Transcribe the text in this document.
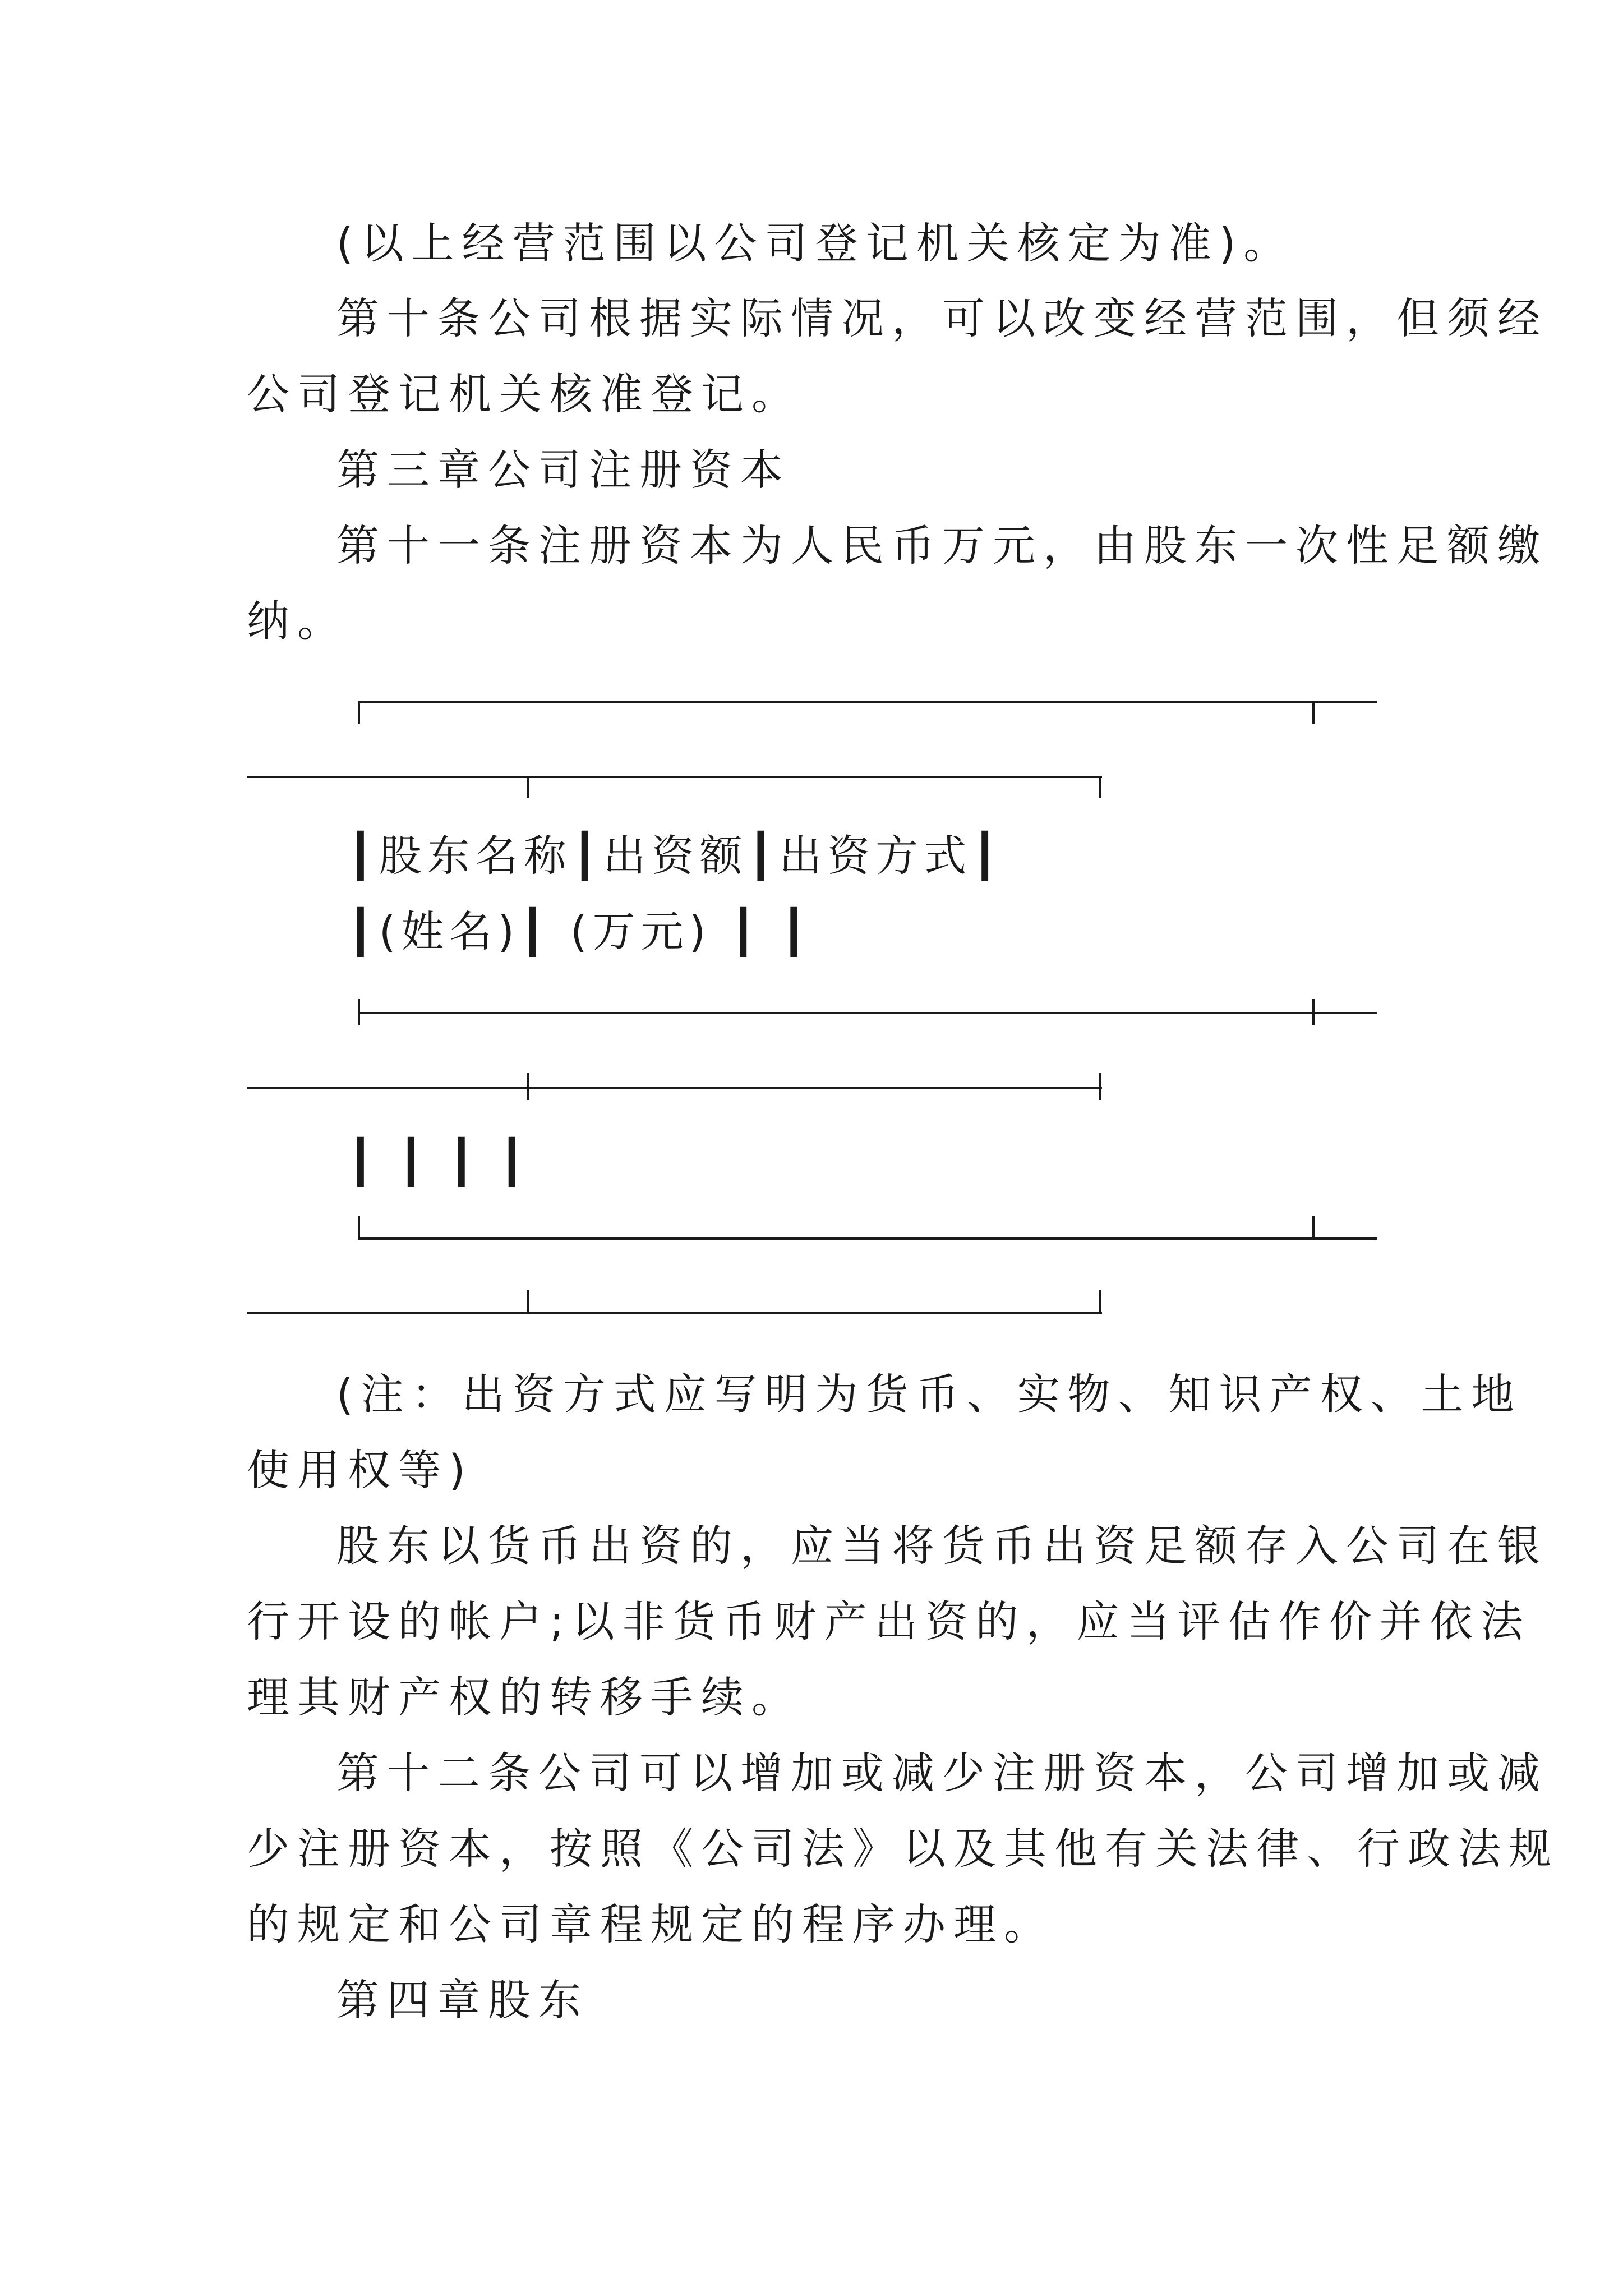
(以上经营范围以公司登记机关核定为准)。
第十条公司根据实际情况，可以改变经营范围，但须经
公司登记机关核准登记。
第三章公司注册资本
第十一条注册资本为人民币万元，由股东一次性足额缴
纳。
┃股东名称┃出资额┃出资方式┃
┃(姓名)┃ (万元) ┃ ┃
┃ ┃ ┃ ┃
(注：出资方式应写明为货币、实物、知识产权、土地
使用权等)
股东以货币出资的，应当将货币出资足额存入公司在银
行开设的帐户;以非货币财产出资的，应当评估作价并依法
理其财产权的转移手续。
第十二条公司可以增加或减少注册资本，公司增加或减
少注册资本，按照《公司法》以及其他有关法律、行政法规
的规定和公司章程规定的程序办理。
第四章股东
